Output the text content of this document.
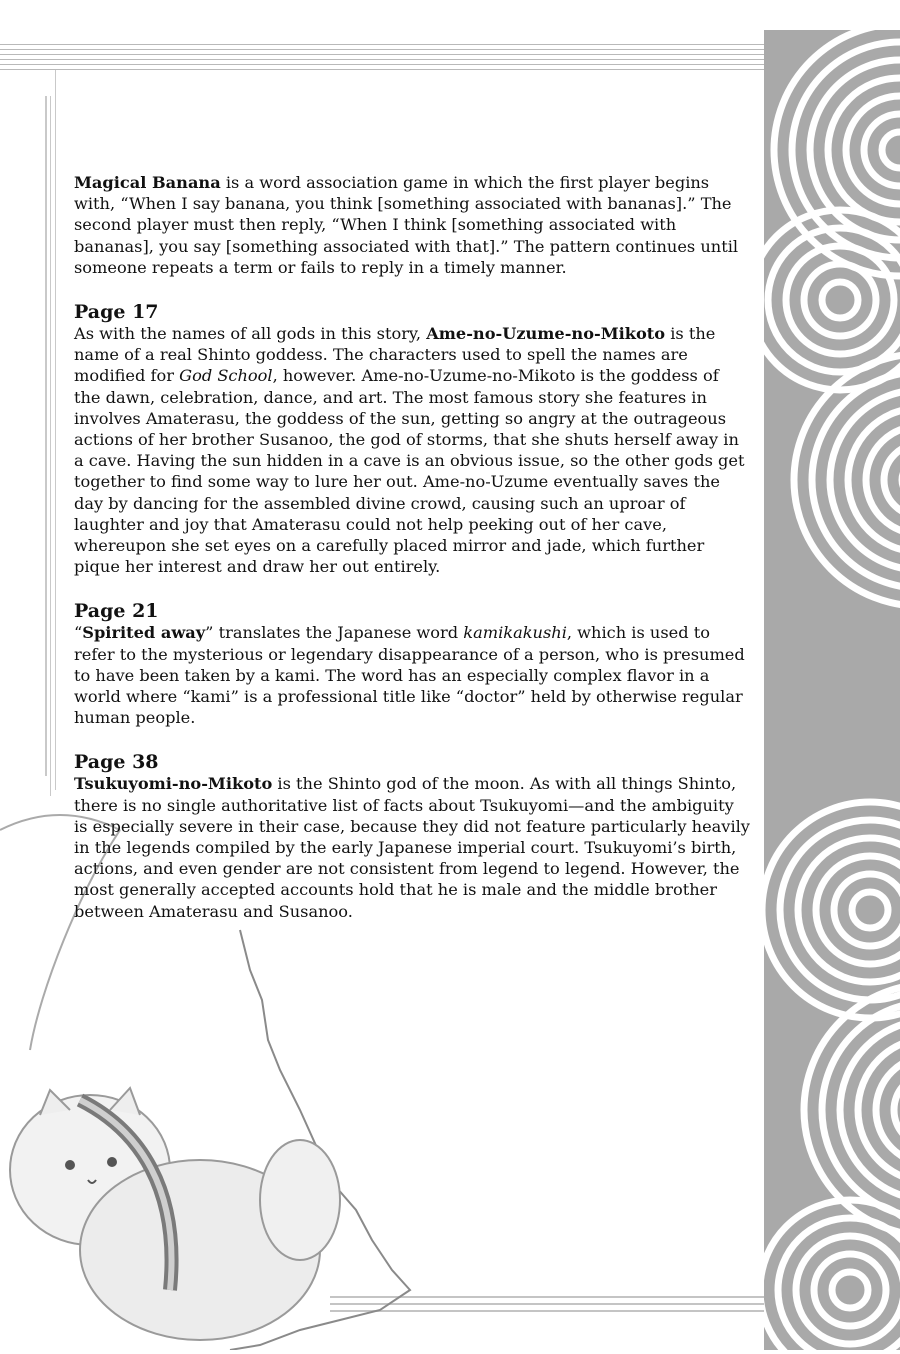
Magical Banana is a word association game in which the first player begins with, “When I say banana, you think [something associated with bananas].” The second player must then reply, “When I think [something associated with bananas], you say [something associated with that].” The pattern continues until someone repeats a term or fails to reply in a timely manner.

Page 17

As with the names of all gods in this story, Ame-no-Uzume-no-Mikoto is the name of a real Shinto goddess. The characters used to spell the names are modified for God School, however. Ame-no-Uzume-no-Mikoto is the goddess of the dawn, celebration, dance, and art. The most famous story she features in involves Amaterasu, the goddess of the sun, getting so angry at the outrageous actions of her brother Susanoo, the god of storms, that she shuts herself away in a cave. Having the sun hidden in a cave is an obvious issue, so the other gods get together to find some way to lure her out. Ame-no-Uzume eventually saves the day by dancing for the assembled divine crowd, causing such an uproar of laughter and joy that Amaterasu could not help peeking out of her cave, whereupon she set eyes on a carefully placed mirror and jade, which further pique her interest and draw her out entirely.

Page 21

“Spirited away” translates the Japanese word kamikakushi, which is used to refer to the mysterious or legendary disappearance of a person, who is presumed to have been taken by a kami. The word has an especially complex flavor in a world where “kami” is a professional title like “doctor” held by otherwise regular human people.

Page 38

Tsukuyomi-no-Mikoto is the Shinto god of the moon. As with all things Shinto, there is no single authoritative list of facts about Tsukuyomi—and the ambiguity is especially severe in their case, because they did not feature particularly heavily in the legends compiled by the early Japanese imperial court. Tsukuyomi’s birth, actions, and even gender are not consistent from legend to legend. However, the most generally accepted accounts hold that he is male and the middle brother between Amaterasu and Susanoo.
